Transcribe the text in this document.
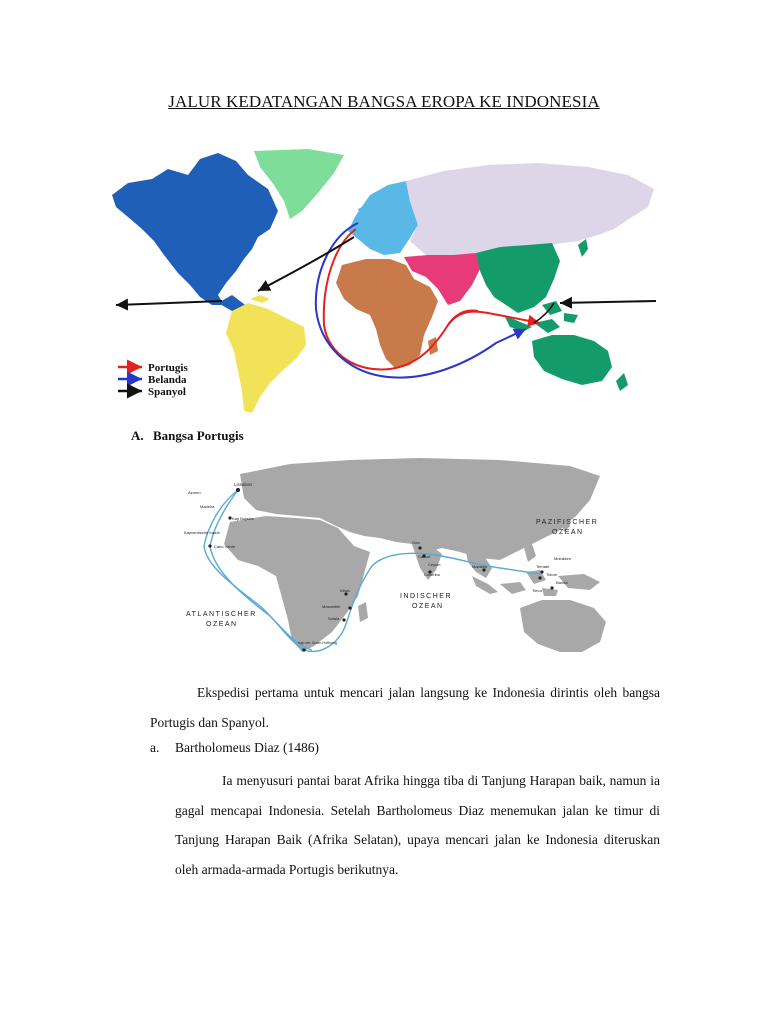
JALUR KEDATANGAN BANGSA EROPA KE INDONESIA
Portugis
Belanda
Spanyol
A. Bangsa Portugis
Lissabon
Azoren
Madeira
Kap Bojador
Kapverdische Inseln
Cabo Verde
ATLANTISCHER
OZEAN
Kilwa
Mosambik
Sofala
Kap der Guten Hoffnung
Goa
Calicut
Ceylon
Colombo
INDISCHER
OZEAN
PAZIFISCHER
OZEAN
Malakka
Molukken
Ternate
Tidore
Banda
Timor
Ekspedisi pertama untuk mencari jalan langsung ke Indonesia dirintis oleh bangsa Portugis dan Spanyol.
a. Bartholomeus Diaz (1486)
Ia menyusuri pantai barat Afrika hingga tiba di Tanjung Harapan baik, namun ia gagal mencapai Indonesia. Setelah Bartholomeus Diaz menemukan jalan ke timur di Tanjung Harapan Baik (Afrika Selatan), upaya mencari jalan ke Indonesia diteruskan oleh armada-armada Portugis berikutnya.
